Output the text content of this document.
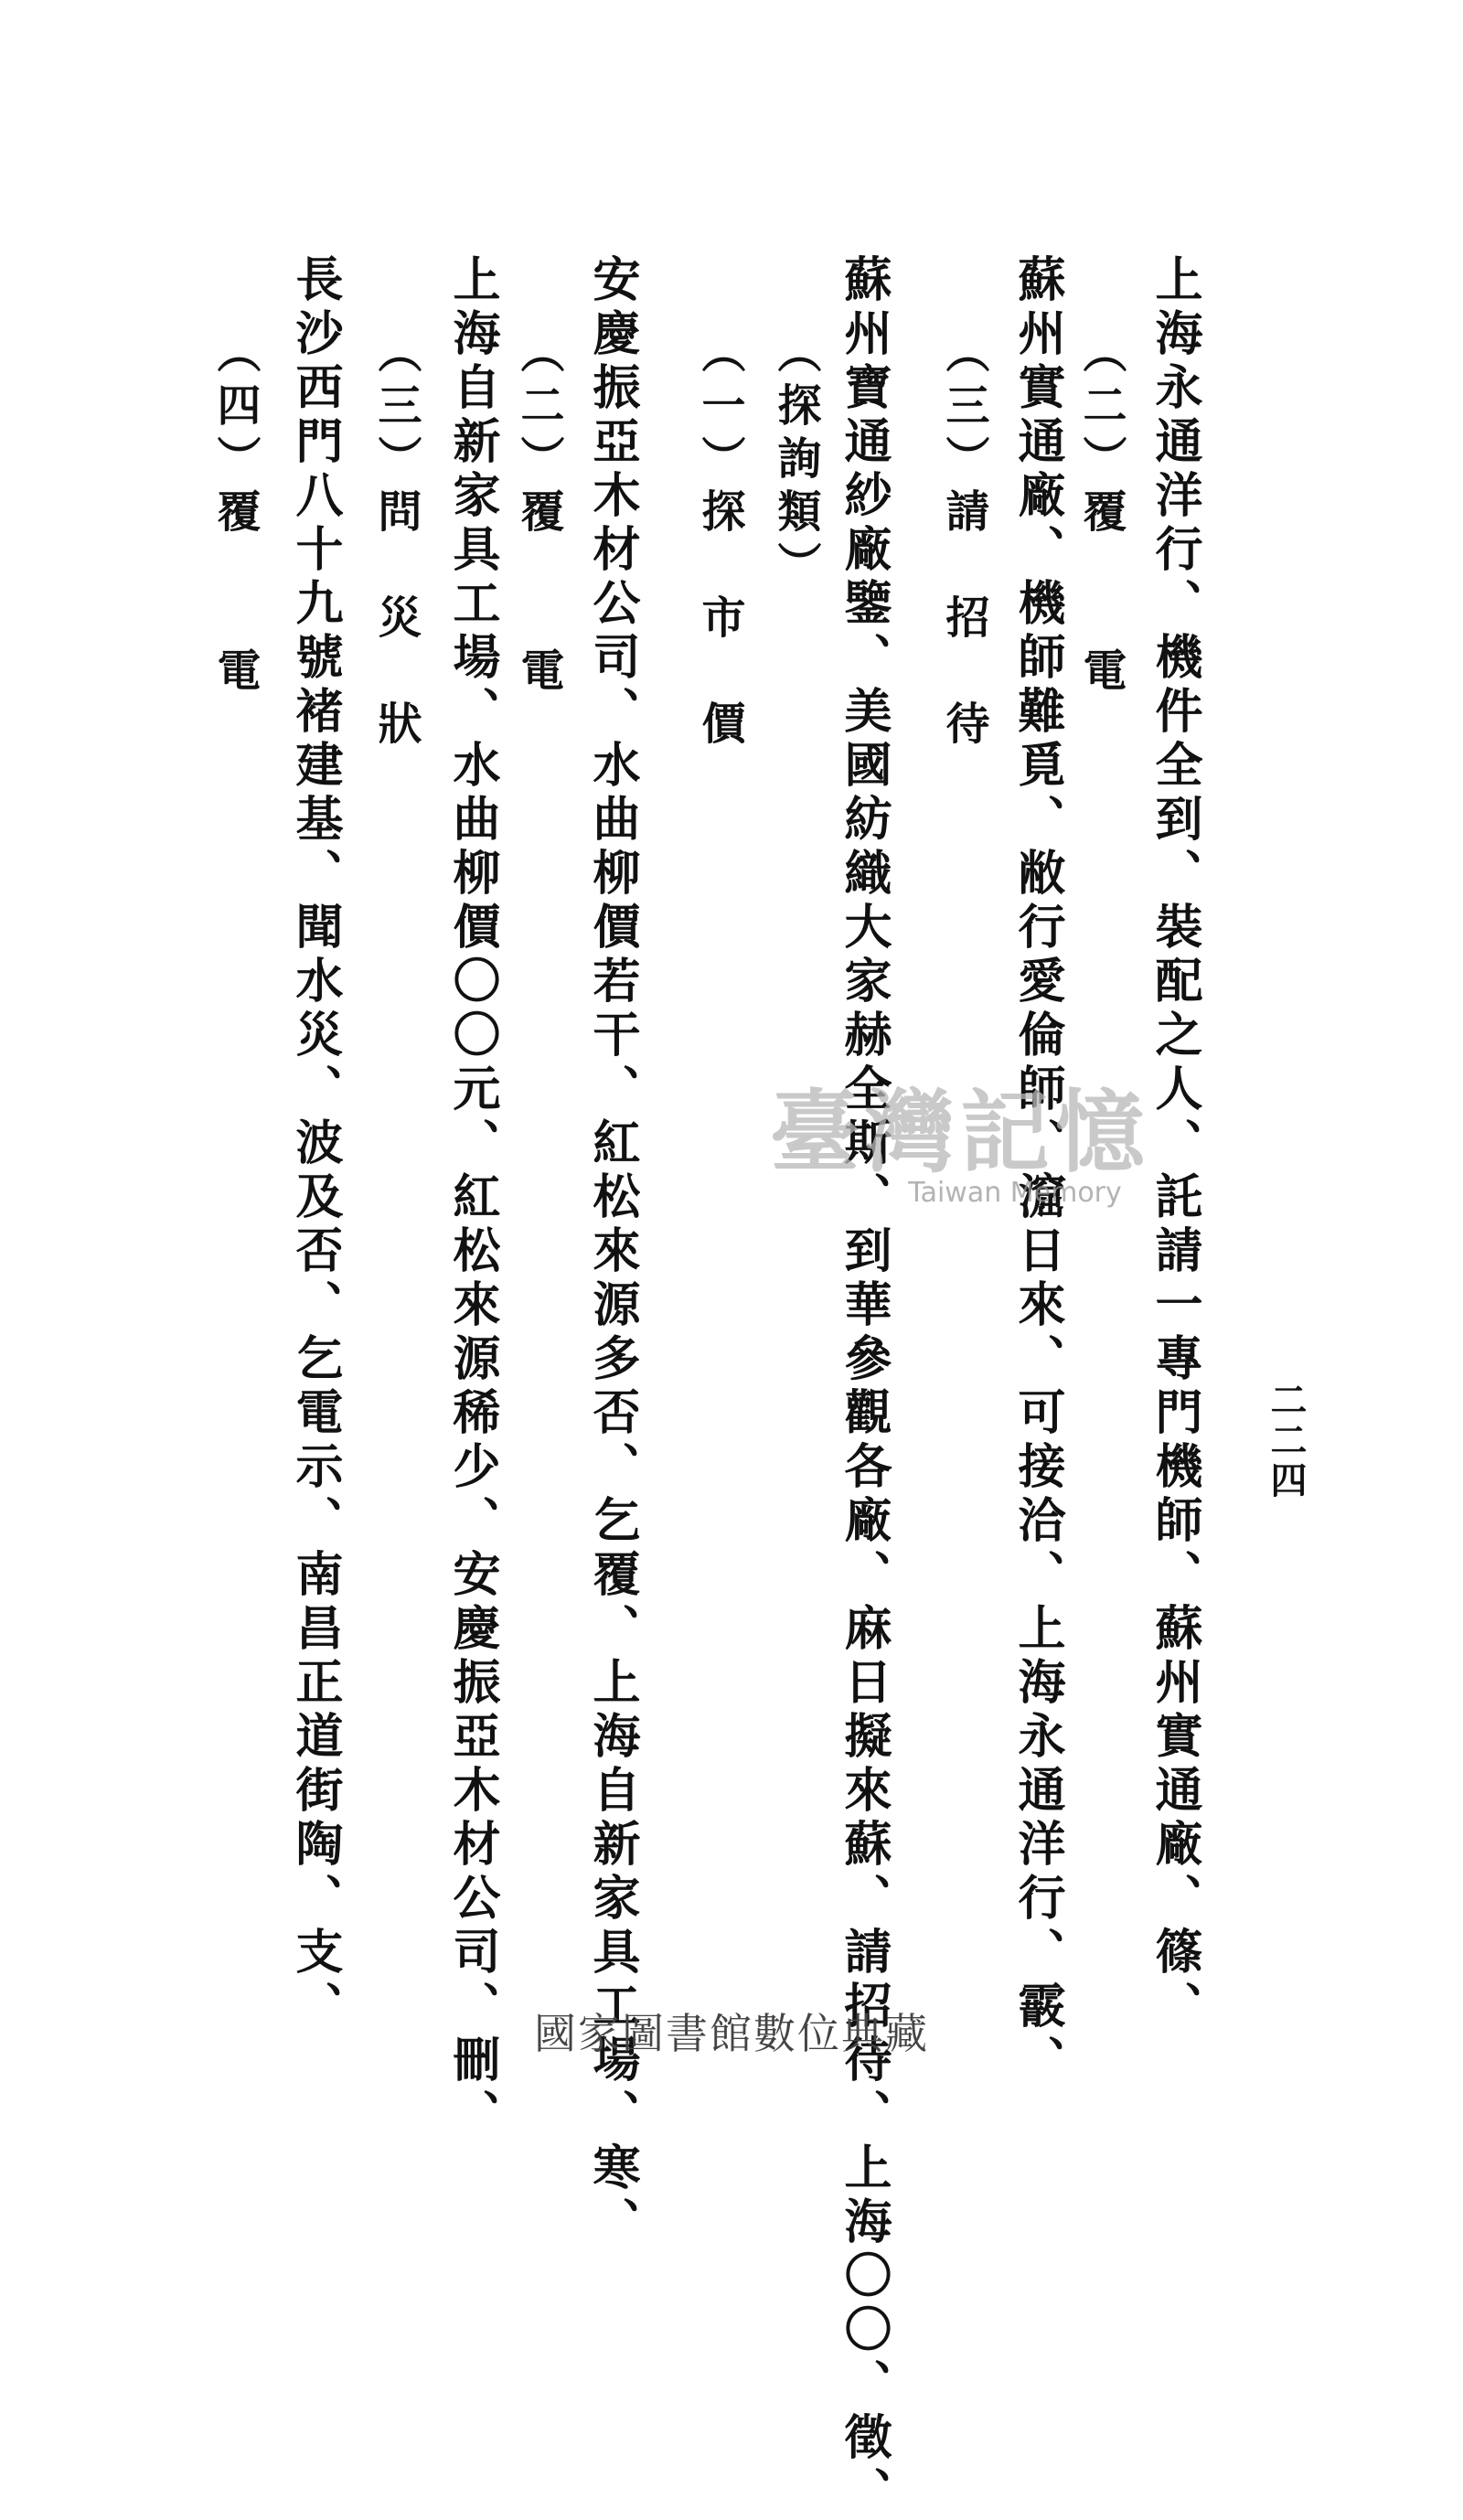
二二四
上海永通洋行、機件全到、裝配之人、託請一專門機師、蘇州實通廠、篠、
（二）覆　　電
蘇州實通廠、機師難覓、敝行愛倫師、㵠日來、可接洽、上海永通洋行、霰、
（三）請　招　待
蘇州寶通紗廠鑒、美國紡織大家赫全斯、到華參觀各廠、麻日擬來蘇、請招待、上海〇〇、徵、
（探詢類）
（一）探　市　價
安慶振亞木材公司、水曲柳價若干、紅松來源多否、乞覆、上海自新家具工場、寒、
（二）覆　　電
上海自新家具工場、水曲柳價〇〇元、紅松來源稀少、安慶振亞木材公司、刪、
（三）問　災　狀
長沙西門八十九號褚建基、聞水災、波及否、乞電示、南昌正道街陶、支、
（四）覆　　電
臺灣記憶
Taiwan Memory
國家圖書館數位典藏
